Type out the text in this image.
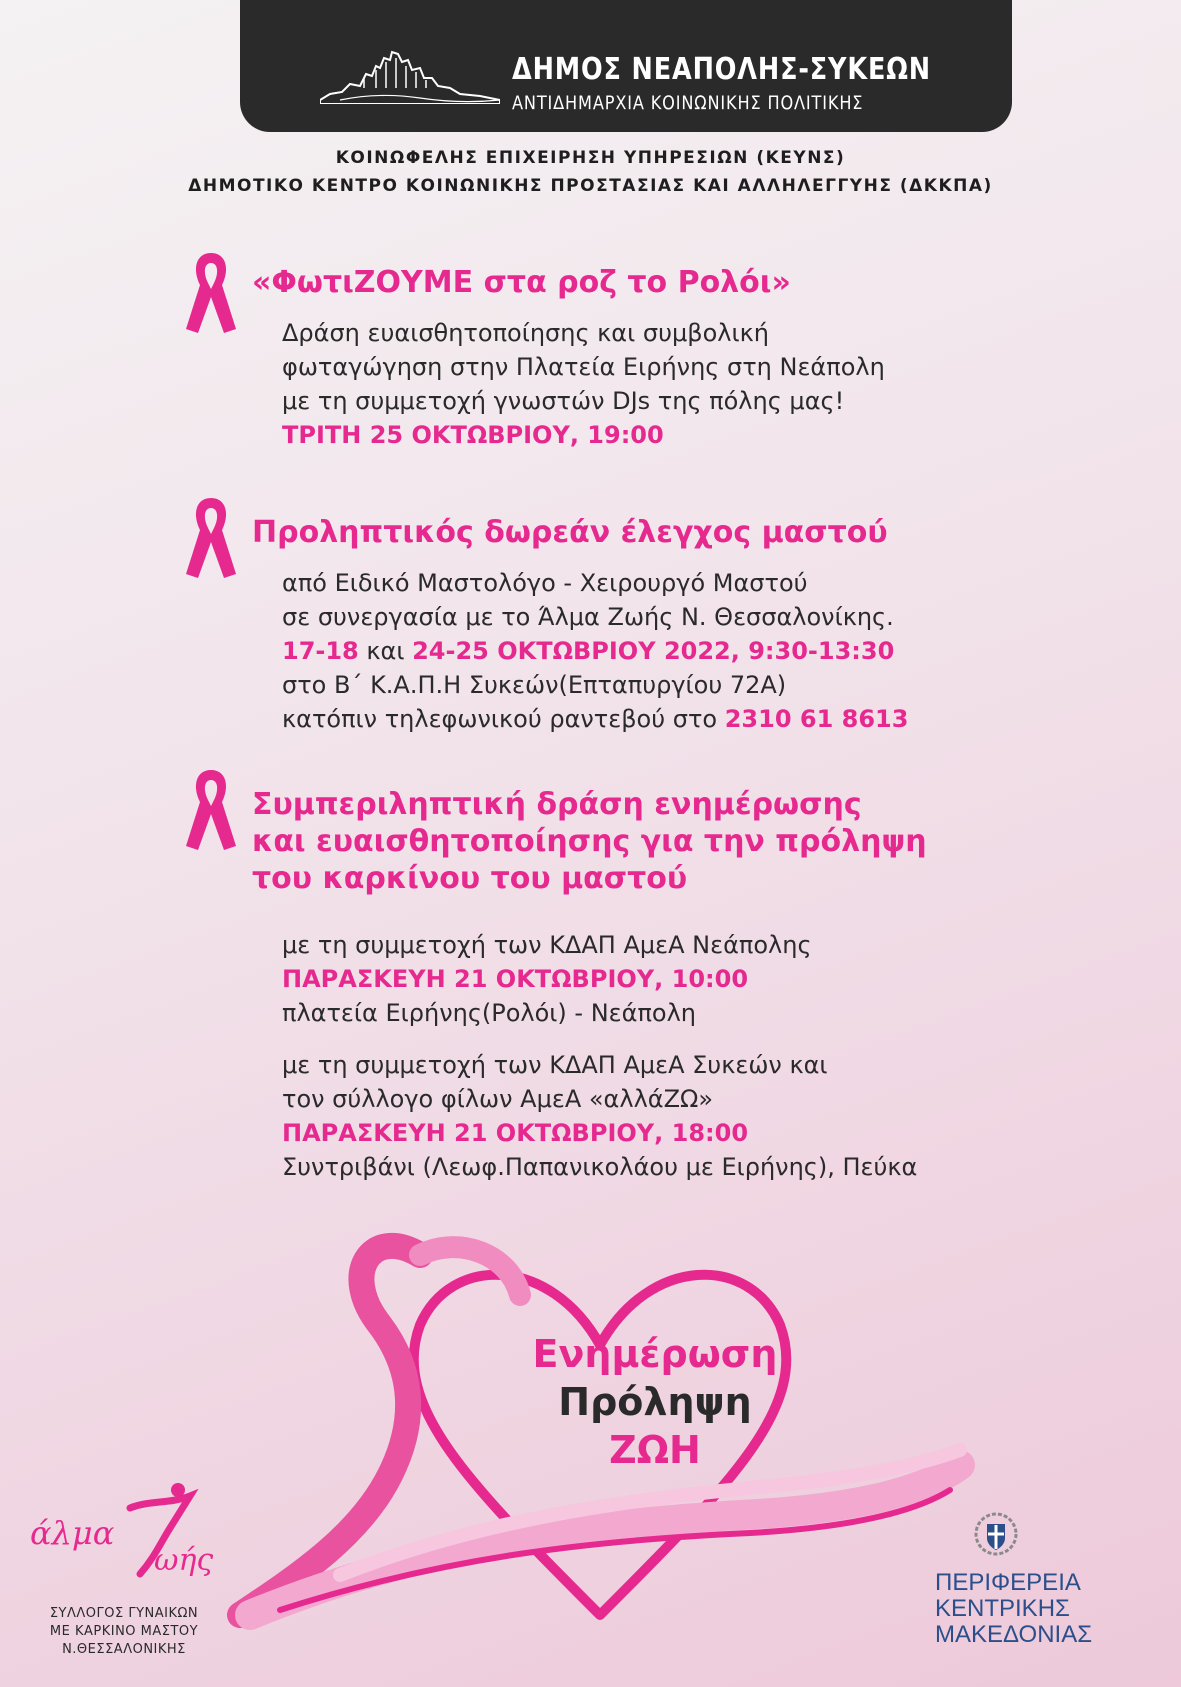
ΔΗΜΟΣ ΝΕΑΠΟΛΗΣ-ΣΥΚΕΩΝ
ΑΝΤΙΔΗΜΑΡΧΙΑ ΚΟΙΝΩΝΙΚΗΣ ΠΟΛΙΤΙΚΗΣ
ΚΟΙΝΩΦΕΛΗΣ ΕΠΙΧΕΙΡΗΣΗ ΥΠΗΡΕΣΙΩΝ (ΚΕΥΝΣ)
ΔΗΜΟΤΙΚΟ ΚΕΝΤΡΟ ΚΟΙΝΩΝΙΚΗΣ ΠΡΟΣΤΑΣΙΑΣ ΚΑΙ ΑΛΛΗΛΕΓΓΥΗΣ (ΔΚΚΠΑ)
«ΦωτιΖΟΥΜΕ στα ροζ το Ρολόι»
Δράση ευαισθητοποίησης και συμβολική
φωταγώγηση στην Πλατεία Ειρήνης στη Νεάπολη
με τη συμμετοχή γνωστών DJs της πόλης μας!
ΤΡΙΤΗ 25 ΟΚΤΩΒΡΙΟΥ, 19:00
Προληπτικός δωρεάν έλεγχος μαστού
από Ειδικό Μαστολόγο - Χειρουργό Μαστού
σε συνεργασία με το Άλμα Ζωής Ν. Θεσσαλονίκης.
17-18 και 24-25 ΟΚΤΩΒΡΙΟΥ 2022, 9:30-13:30
στο Β΄ Κ.Α.Π.Η Συκεών(Επταπυργίου 72Α)
κατόπιν τηλεφωνικού ραντεβού στο 2310 61 8613
Συμπεριληπτική δράση ενημέρωσης
και ευαισθητοποίησης για την πρόληψη
του καρκίνου του μαστού
με τη συμμετοχή των ΚΔΑΠ ΑμεΑ Νεάπολης
ΠΑΡΑΣΚΕΥΗ 21 ΟΚΤΩΒΡΙΟΥ, 10:00
πλατεία Ειρήνης(Ρολόι) - Νεάπολη
με τη συμμετοχή των ΚΔΑΠ ΑμεΑ Συκεών και
τον σύλλογο φίλων ΑμεΑ «αλλάΖΩ»
ΠΑΡΑΣΚΕΥΗ 21 ΟΚΤΩΒΡΙΟΥ, 18:00
Συντριβάνι (Λεωφ.Παπανικολάου με Ειρήνης), Πεύκα
Ενημέρωση
Πρόληψη
ΖΩΗ
άλμα
ωής
ΣΥΛΛΟΓΟΣ ΓΥΝΑΙΚΩΝ
ΜΕ ΚΑΡΚΙΝΟ ΜΑΣΤΟΥ
Ν.ΘΕΣΣΑΛΟΝΙΚΗΣ
ΠΕΡΙΦΕΡΕΙΑ
ΚΕΝΤΡΙΚΗΣ
ΜΑΚΕΔΟΝΙΑΣ
